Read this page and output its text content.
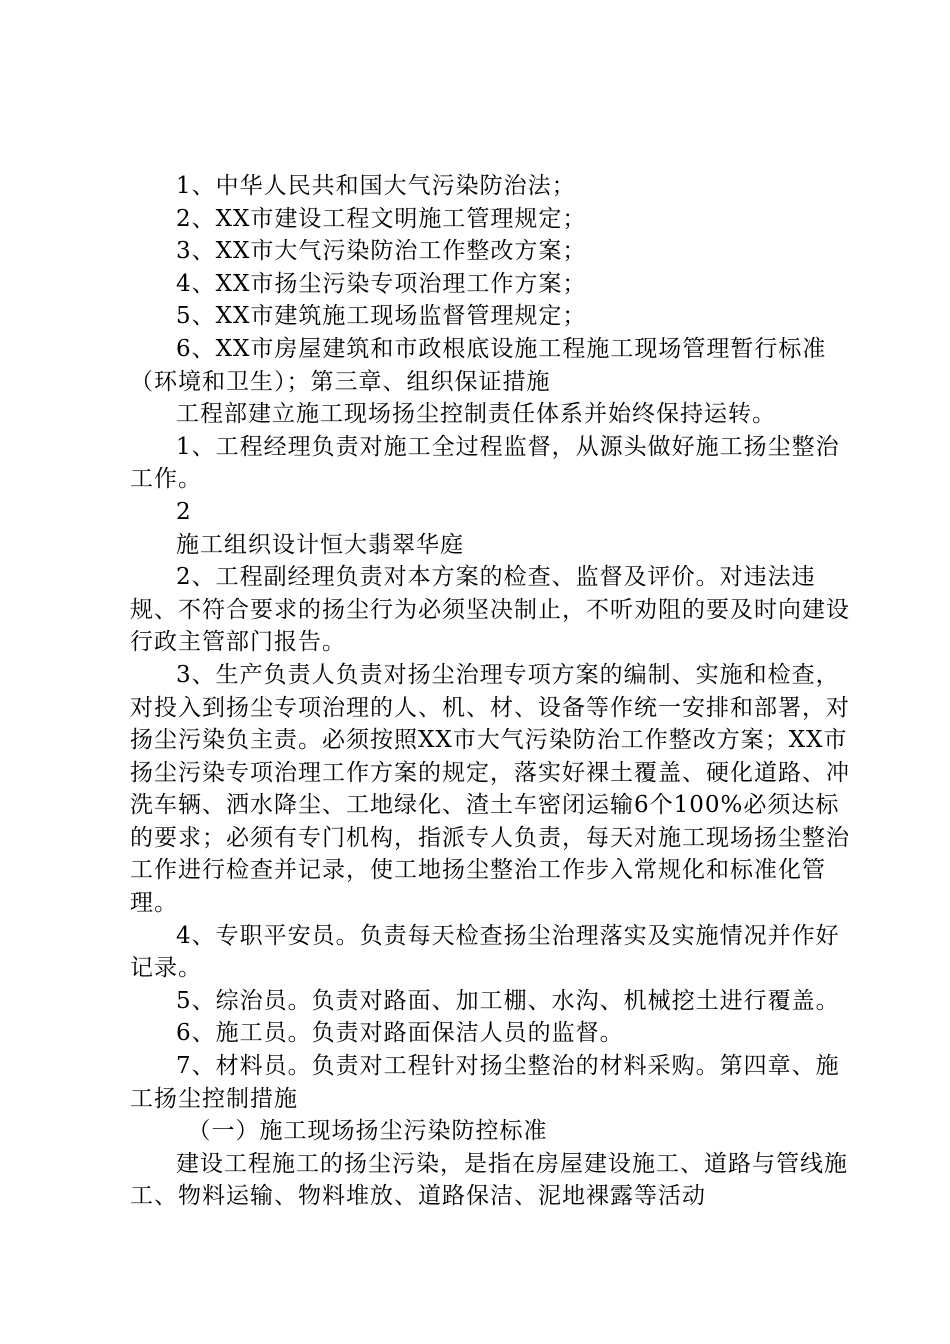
1、中华人民共和国大气污染防治法；

2、XX市建设工程文明施工管理规定；

3、XX市大气污染防治工作整改方案；

4、XX市扬尘污染专项治理工作方案；

5、XX市建筑施工现场监督管理规定；

6、XX市房屋建筑和市政根底设施工程施工现场管理暂行标准（环境和卫生）；第三章、组织保证措施

工程部建立施工现场扬尘控制责任体系并始终保持运转。

1、工程经理负责对施工全过程监督，从源头做好施工扬尘整治工作。

2

施工组织设计恒大翡翠华庭

2、工程副经理负责对本方案的检查、监督及评价。对违法违规、不符合要求的扬尘行为必须坚决制止，不听劝阻的要及时向建设行政主管部门报告。

3、生产负责人负责对扬尘治理专项方案的编制、实施和检查，对投入到扬尘专项治理的人、机、材、设备等作统一安排和部署，对扬尘污染负主责。必须按照XX市大气污染防治工作整改方案；XX市扬尘污染专项治理工作方案的规定，落实好裸土覆盖、硬化道路、冲洗车辆、洒水降尘、工地绿化、渣土车密闭运输6个100%必须达标的要求；必须有专门机构，指派专人负责，每天对施工现场扬尘整治工作进行检查并记录，使工地扬尘整治工作步入常规化和标准化管理。

4、专职平安员。负责每天检查扬尘治理落实及实施情况并作好记录。

5、综治员。负责对路面、加工棚、水沟、机械挖土进行覆盖。

6、施工员。负责对路面保洁人员的监督。

7、材料员。负责对工程针对扬尘整治的材料采购。第四章、施工扬尘控制措施

（一）施工现场扬尘污染防控标准

建设工程施工的扬尘污染，是指在房屋建设施工、道路与管线施工、物料运输、物料堆放、道路保洁、泥地裸露等活动
